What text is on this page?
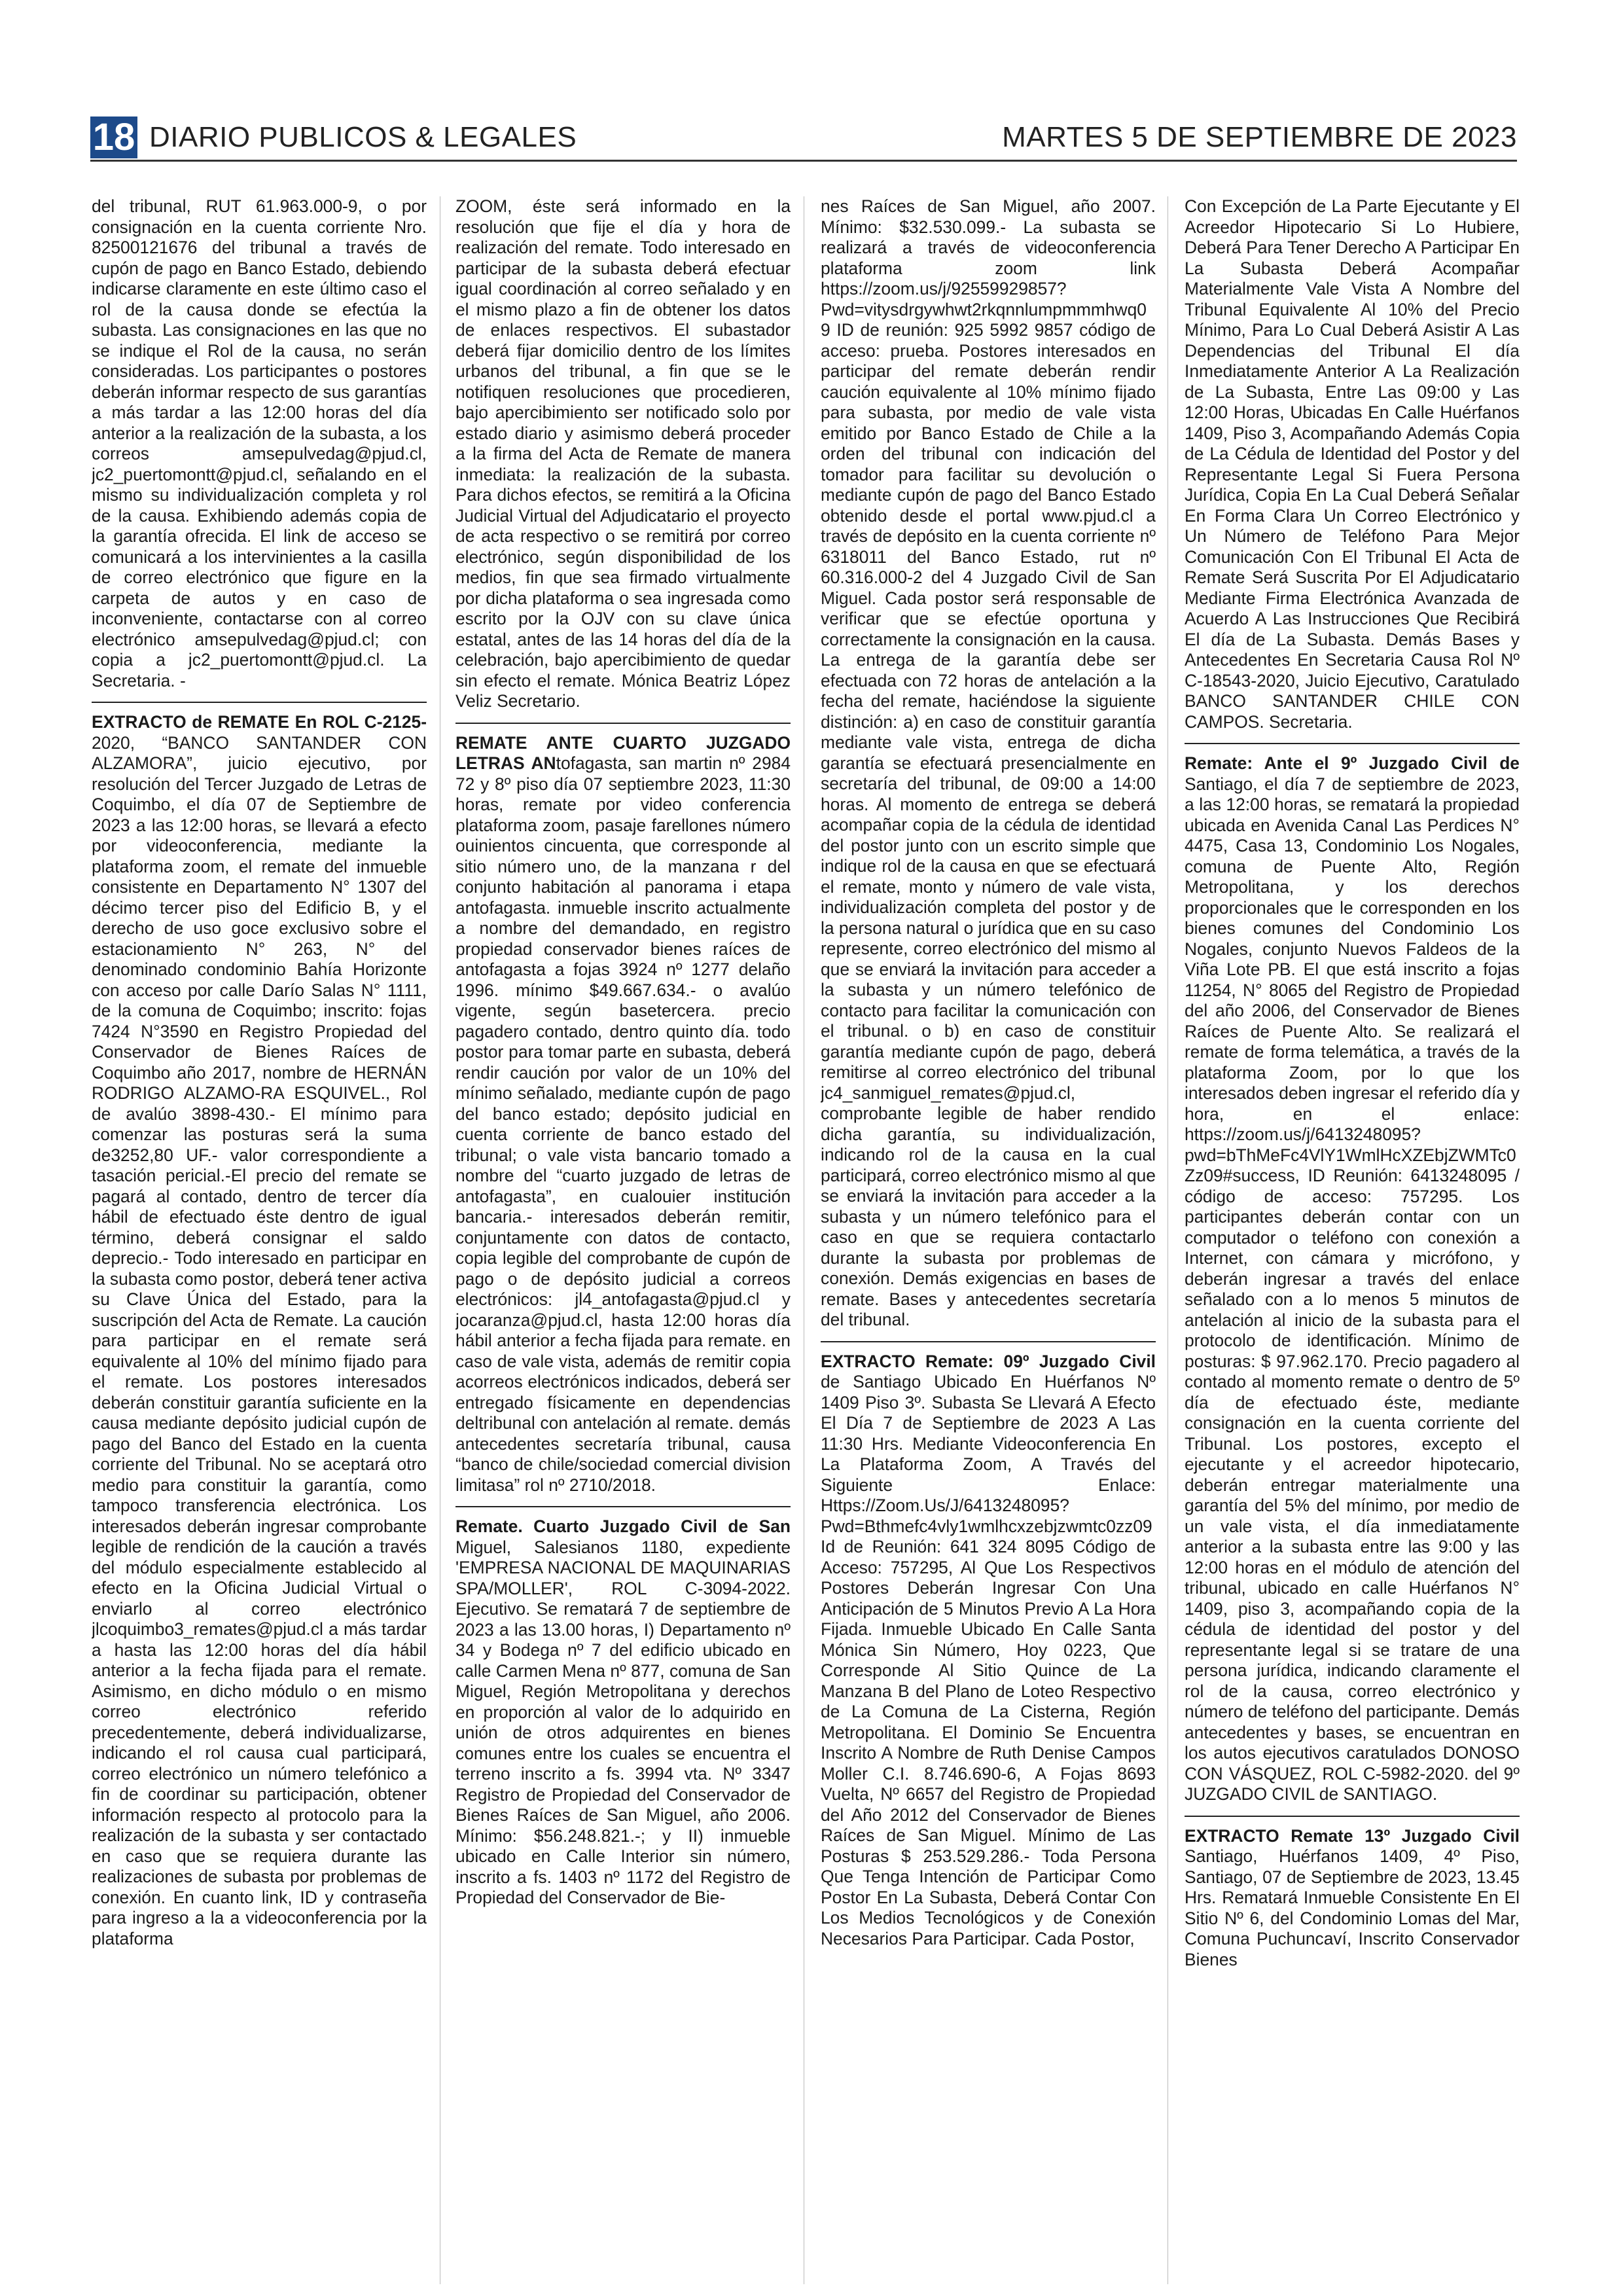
18 DIARIO PUBLICOS & LEGALES	MARTES 5 DE SEPTIEMBRE DE 2023

del tribunal, RUT 61.963.000-9, o por consignación en la cuenta corriente Nro. 82500121676 del tribunal a través de cupón de pago en Banco Estado, debiendo indicarse claramente en este último caso el rol de la causa donde se efectúa la subasta. Las consignaciones en las que no se indique el Rol de la causa, no serán consideradas. Los participantes o postores deberán informar respecto de sus garantías a más tardar a las 12:00 horas del día anterior a la realización de la subasta, a los correos amsepulvedag@pjud.cl, jc2_puertomontt@pjud.cl, señalando en el mismo su individualización completa y rol de la causa. Exhibiendo además copia de la garantía ofrecida. El link de acceso se comunicará a los intervinientes a la casilla de correo electrónico que figure en la carpeta de autos y en caso de inconveniente, contactarse con al correo electrónico amsepulvedag@pjud.cl; con copia a jc2_puertomontt@pjud.cl. La Secretaria. -

EXTRACTO de REMATE En ROL C-2125-2020, “BANCO SANTANDER CON ALZAMORA”, juicio ejecutivo, por resolución del Tercer Juzgado de Letras de Coquimbo, el día 07 de Septiembre de 2023 a las 12:00 horas, se llevará a efecto por videoconferencia, mediante la plataforma zoom, el remate del inmueble consistente en Departamento N° 1307 del décimo tercer piso del Edificio B, y el derecho de uso goce exclusivo sobre el estacionamiento N° 263, N° del denominado condominio Bahía Horizonte con acceso por calle Darío Salas N° 1111, de la comuna de Coquimbo; inscrito: fojas 7424 N°3590 en Registro Propiedad del Conservador de Bienes Raíces de Coquimbo año 2017, nombre de HERNÁN RODRIGO ALZAMO-RA ESQUIVEL., Rol de avalúo 3898-430.- El mínimo para comenzar las posturas será la suma de3252,80 UF.- valor correspondiente a tasación pericial.-El precio del remate se pagará al contado, dentro de tercer día hábil de efectuado éste dentro de igual término, deberá consignar el saldo deprecio.- Todo interesado en participar en la subasta como postor, deberá tener activa su Clave Única del Estado, para la suscripción del Acta de Remate. La caución para participar en el remate será equivalente al 10% del mínimo fijado para el remate. Los postores interesados deberán constituir garantía suficiente en la causa mediante depósito judicial cupón de pago del Banco del Estado en la cuenta corriente del Tribunal. No se aceptará otro medio para constituir la garantía, como tampoco transferencia electrónica. Los interesados deberán ingresar comprobante legible de rendición de la caución a través del módulo especialmente establecido al efecto en la Oficina Judicial Virtual o enviarlo al correo electrónico jlcoquimbo3_remates@pjud.cl a más tardar a hasta las 12:00 horas del día hábil anterior a la fecha fijada para el remate. Asimismo, en dicho módulo o en mismo correo electrónico referido precedentemente, deberá individualizarse, indicando el rol causa cual participará, correo electrónico un número telefónico a fin de coordinar su participación, obtener información respecto al protocolo para la realización de la subasta y ser contactado en caso que se requiera durante las realizaciones de subasta por problemas de conexión. En cuanto link, ID y contraseña para ingreso a la a videoconferencia por la plataforma

ZOOM, éste será informado en la resolución que fije el día y hora de realización del remate. Todo interesado en participar de la subasta deberá efectuar igual coordinación al correo señalado y en el mismo plazo a fin de obtener los datos de enlaces respectivos. El subastador deberá fijar domicilio dentro de los límites urbanos del tribunal, a fin que se le notifiquen resoluciones que procedieren, bajo apercibimiento ser notificado solo por estado diario y asimismo deberá proceder a la firma del Acta de Remate de manera inmediata: la realización de la subasta. Para dichos efectos, se remitirá a la Oficina Judicial Virtual del Adjudicatario el proyecto de acta respectivo o se remitirá por correo electrónico, según disponibilidad de los medios, fin que sea firmado virtualmente por dicha plataforma o sea ingresada como escrito por la OJV con su clave única estatal, antes de las 14 horas del día de la celebración, bajo apercibimiento de quedar sin efecto el remate. Mónica Beatriz López Veliz Secretario.

REMATE ANTE CUARTO JUZGADO LETRAS ANtofagasta, san martin nº 2984 72 y 8º piso día 07 septiembre 2023, 11:30 horas, remate por video conferencia plataforma zoom, pasaje farellones número ouinientos cincuenta, que corresponde al sitio número uno, de la manzana r del conjunto habitación al panorama i etapa antofagasta. inmueble inscrito actualmente a nombre del demandado, en registro propiedad conservador bienes raíces de antofagasta a fojas 3924 nº 1277 delaño 1996. mínimo $49.667.634.- o avalúo vigente, según basetercera. precio pagadero contado, dentro quinto día. todo postor para tomar parte en subasta, deberá rendir caución por valor de un 10% del mínimo señalado, mediante cupón de pago del banco estado; depósito judicial en cuenta corriente de banco estado del tribunal; o vale vista bancario tomado a nombre del “cuarto juzgado de letras de antofagasta”, en cualouier institución bancaria.- interesados deberán remitir, conjuntamente con datos de contacto, copia legible del comprobante de cupón de pago o de depósito judicial a correos electrónicos: jl4_antofagasta@pjud.cl y jocaranza@pjud.cl, hasta 12:00 horas día hábil anterior a fecha fijada para remate. en caso de vale vista, además de remitir copia acorreos electrónicos indicados, deberá ser entregado físicamente en dependencias deltribunal con antelación al remate. demás antecedentes secretaría tribunal, causa “banco de chile/sociedad comercial division limitasa” rol nº 2710/2018.

Remate. Cuarto Juzgado Civil de San Miguel, Salesianos 1180, expediente 'EMPRESA NACIONAL DE MAQUINARIAS SPA/MOLLER', ROL C-3094-2022. Ejecutivo. Se rematará 7 de septiembre de 2023 a las 13.00 horas, I) Departamento nº 34 y Bodega nº 7 del edificio ubicado en calle Carmen Mena nº 877, comuna de San Miguel, Región Metropolitana y derechos en proporción al valor de lo adquirido en unión de otros adquirentes en bienes comunes entre los cuales se encuentra el terreno inscrito a fs. 3994 vta. Nº 3347 Registro de Propiedad del Conservador de Bienes Raíces de San Miguel, año 2006. Mínimo: $56.248.821.-; y II) inmueble ubicado en Calle Interior sin número, inscrito a fs. 1403 nº 1172 del Registro de Propiedad del Conservador de Bie-

nes Raíces de San Miguel, año 2007. Mínimo: $32.530.099.- La subasta se realizará a través de videoconferencia plataforma zoom link https://zoom.us/j/92559929857?Pwd=vitysdrgywhwt2rkqnnlumpmmmhwq09 ID de reunión: 925 5992 9857 código de acceso: prueba. Postores interesados en participar del remate deberán rendir caución equivalente al 10% mínimo fijado para subasta, por medio de vale vista emitido por Banco Estado de Chile a la orden del tribunal con indicación del tomador para facilitar su devolución o mediante cupón de pago del Banco Estado obtenido desde el portal www.pjud.cl a través de depósito en la cuenta corriente nº 6318011 del Banco Estado, rut nº 60.316.000-2 del 4 Juzgado Civil de San Miguel. Cada postor será responsable de verificar que se efectúe oportuna y correctamente la consignación en la causa. La entrega de la garantía debe ser efectuada con 72 horas de antelación a la fecha del remate, haciéndose la siguiente distinción: a) en caso de constituir garantía mediante vale vista, entrega de dicha garantía se efectuará presencialmente en secretaría del tribunal, de 09:00 a 14:00 horas. Al momento de entrega se deberá acompañar copia de la cédula de identidad del postor junto con un escrito simple que indique rol de la causa en que se efectuará el remate, monto y número de vale vista, individualización completa del postor y de la persona natural o jurídica que en su caso represente, correo electrónico del mismo al que se enviará la invitación para acceder a la subasta y un número telefónico de contacto para facilitar la comunicación con el tribunal. o b) en caso de constituir garantía mediante cupón de pago, deberá remitirse al correo electrónico del tribunal jc4_sanmiguel_remates@pjud.cl, comprobante legible de haber rendido dicha garantía, su individualización, indicando rol de la causa en la cual participará, correo electrónico mismo al que se enviará la invitación para acceder a la subasta y un número telefónico para el caso en que se requiera contactarlo durante la subasta por problemas de conexión. Demás exigencias en bases de remate. Bases y antecedentes secretaría del tribunal.

EXTRACTO Remate: 09º Juzgado Civil de Santiago Ubicado En Huérfanos Nº 1409 Piso 3º. Subasta Se Llevará A Efecto El Día 7 de Septiembre de 2023 A Las 11:30 Hrs. Mediante Videoconferencia En La Plataforma Zoom, A Través del Siguiente Enlace: Https://Zoom.Us/J/6413248095?Pwd=Bthmefc4vly1wmlhcxzebjzwmtc0zz09 Id de Reunión: 641 324 8095 Código de Acceso: 757295, Al Que Los Respectivos Postores Deberán Ingresar Con Una Anticipación de 5 Minutos Previo A La Hora Fijada. Inmueble Ubicado En Calle Santa Mónica Sin Número, Hoy 0223, Que Corresponde Al Sitio Quince de La Manzana B del Plano de Loteo Respectivo de La Comuna de La Cisterna, Región Metropolitana. El Dominio Se Encuentra Inscrito A Nombre de Ruth Denise Campos Moller C.I. 8.746.690-6, A Fojas 8693 Vuelta, Nº 6657 del Registro de Propiedad del Año 2012 del Conservador de Bienes Raíces de San Miguel. Mínimo de Las Posturas $ 253.529.286.- Toda Persona Que Tenga Intención de Participar Como Postor En La Subasta, Deberá Contar Con Los Medios Tecnológicos y de Conexión Necesarios Para Participar. Cada Postor,

Con Excepción de La Parte Ejecutante y El Acreedor Hipotecario Si Lo Hubiere, Deberá Para Tener Derecho A Participar En La Subasta Deberá Acompañar Materialmente Vale Vista A Nombre del Tribunal Equivalente Al 10% del Precio Mínimo, Para Lo Cual Deberá Asistir A Las Dependencias del Tribunal El día Inmediatamente Anterior A La Realización de La Subasta, Entre Las 09:00 y Las 12:00 Horas, Ubicadas En Calle Huérfanos 1409, Piso 3, Acompañando Además Copia de La Cédula de Identidad del Postor y del Representante Legal Si Fuera Persona Jurídica, Copia En La Cual Deberá Señalar En Forma Clara Un Correo Electrónico y Un Número de Teléfono Para Mejor Comunicación Con El Tribunal El Acta de Remate Será Suscrita Por El Adjudicatario Mediante Firma Electrónica Avanzada de Acuerdo A Las Instrucciones Que Recibirá El día de La Subasta. Demás Bases y Antecedentes En Secretaria Causa Rol Nº C-18543-2020, Juicio Ejecutivo, Caratulado BANCO SANTANDER CHILE CON CAMPOS. Secretaria.

Remate: Ante el 9º Juzgado Civil de Santiago, el día 7 de septiembre de 2023, a las 12:00 horas, se rematará la propiedad ubicada en Avenida Canal Las Perdices N° 4475, Casa 13, Condominio Los Nogales, comuna de Puente Alto, Región Metropolitana, y los derechos proporcionales que le corresponden en los bienes comunes del Condominio Los Nogales, conjunto Nuevos Faldeos de la Viña Lote PB. El que está inscrito a fojas 11254, N° 8065 del Registro de Propiedad del año 2006, del Conservador de Bienes Raíces de Puente Alto. Se realizará el remate de forma telemática, a través de la plataforma Zoom, por lo que los interesados deben ingresar el referido día y hora, en el enlace: https://zoom.us/j/6413248095?pwd=bThMeFc4VlY1WmlHcXZEbjZWMTc0Zz09#success, ID Reunión: 6413248095 / código de acceso: 757295. Los participantes deberán contar con un computador o teléfono con conexión a Internet, con cámara y micrófono, y deberán ingresar a través del enlace señalado con a lo menos 5 minutos de antelación al inicio de la subasta para el protocolo de identificación. Mínimo de posturas: $ 97.962.170. Precio pagadero al contado al momento remate o dentro de 5º día de efectuado éste, mediante consignación en la cuenta corriente del Tribunal. Los postores, excepto el ejecutante y el acreedor hipotecario, deberán entregar materialmente una garantía del 5% del mínimo, por medio de un vale vista, el día inmediatamente anterior a la subasta entre las 9:00 y las 12:00 horas en el módulo de atención del tribunal, ubicado en calle Huérfanos N° 1409, piso 3, acompañando copia de la cédula de identidad del postor y del representante legal si se tratare de una persona jurídica, indicando claramente el rol de la causa, correo electrónico y número de teléfono del participante. Demás antecedentes y bases, se encuentran en los autos ejecutivos caratulados DONOSO CON VÁSQUEZ, ROL C-5982-2020. del 9º JUZGADO CIVIL de SANTIAGO.

EXTRACTO Remate 13º Juzgado Civil Santiago, Huérfanos 1409, 4º Piso, Santiago, 07 de Septiembre de 2023, 13.45 Hrs. Rematará Inmueble Consistente En El Sitio Nº 6, del Condominio Lomas del Mar, Comuna Puchuncaví, Inscrito Conservador Bienes
